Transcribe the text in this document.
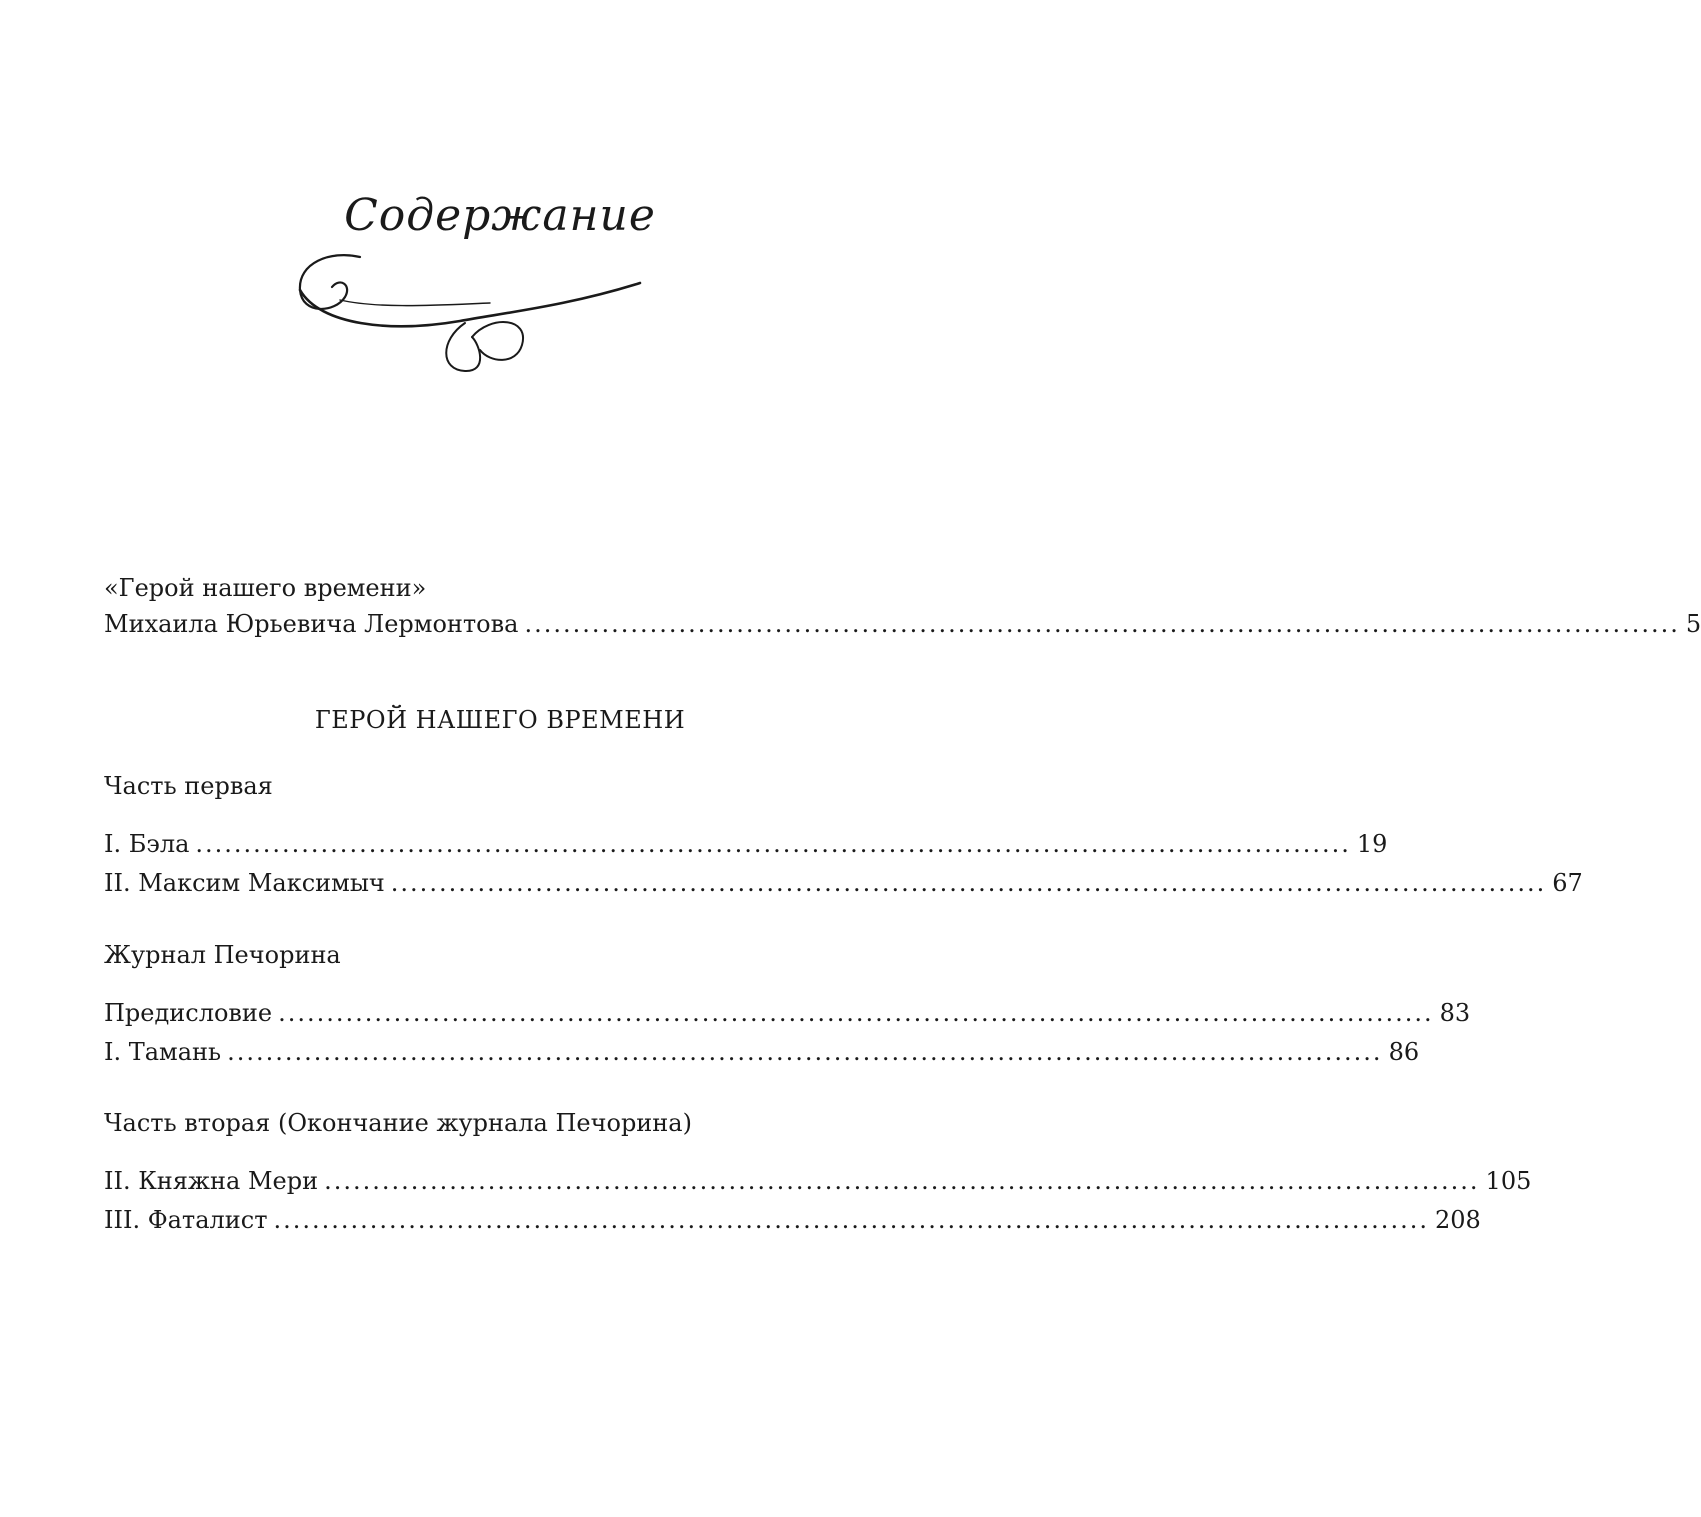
Содержание
«Герой нашего времени»
Михаила Юрьевича Лермонтова ........................................................................................................................ 5
ГЕРОЙ НАШЕГО ВРЕМЕНИ
Часть первая
I. Бэла ........................................................................................................................ 19
II. Максим Максимыч ........................................................................................................................ 67
Журнал Печорина
Предисловие ........................................................................................................................ 83
I. Тамань ........................................................................................................................ 86
Часть вторая (Окончание журнала Печорина)
II. Княжна Мери ........................................................................................................................ 105
III. Фаталист ........................................................................................................................ 208
